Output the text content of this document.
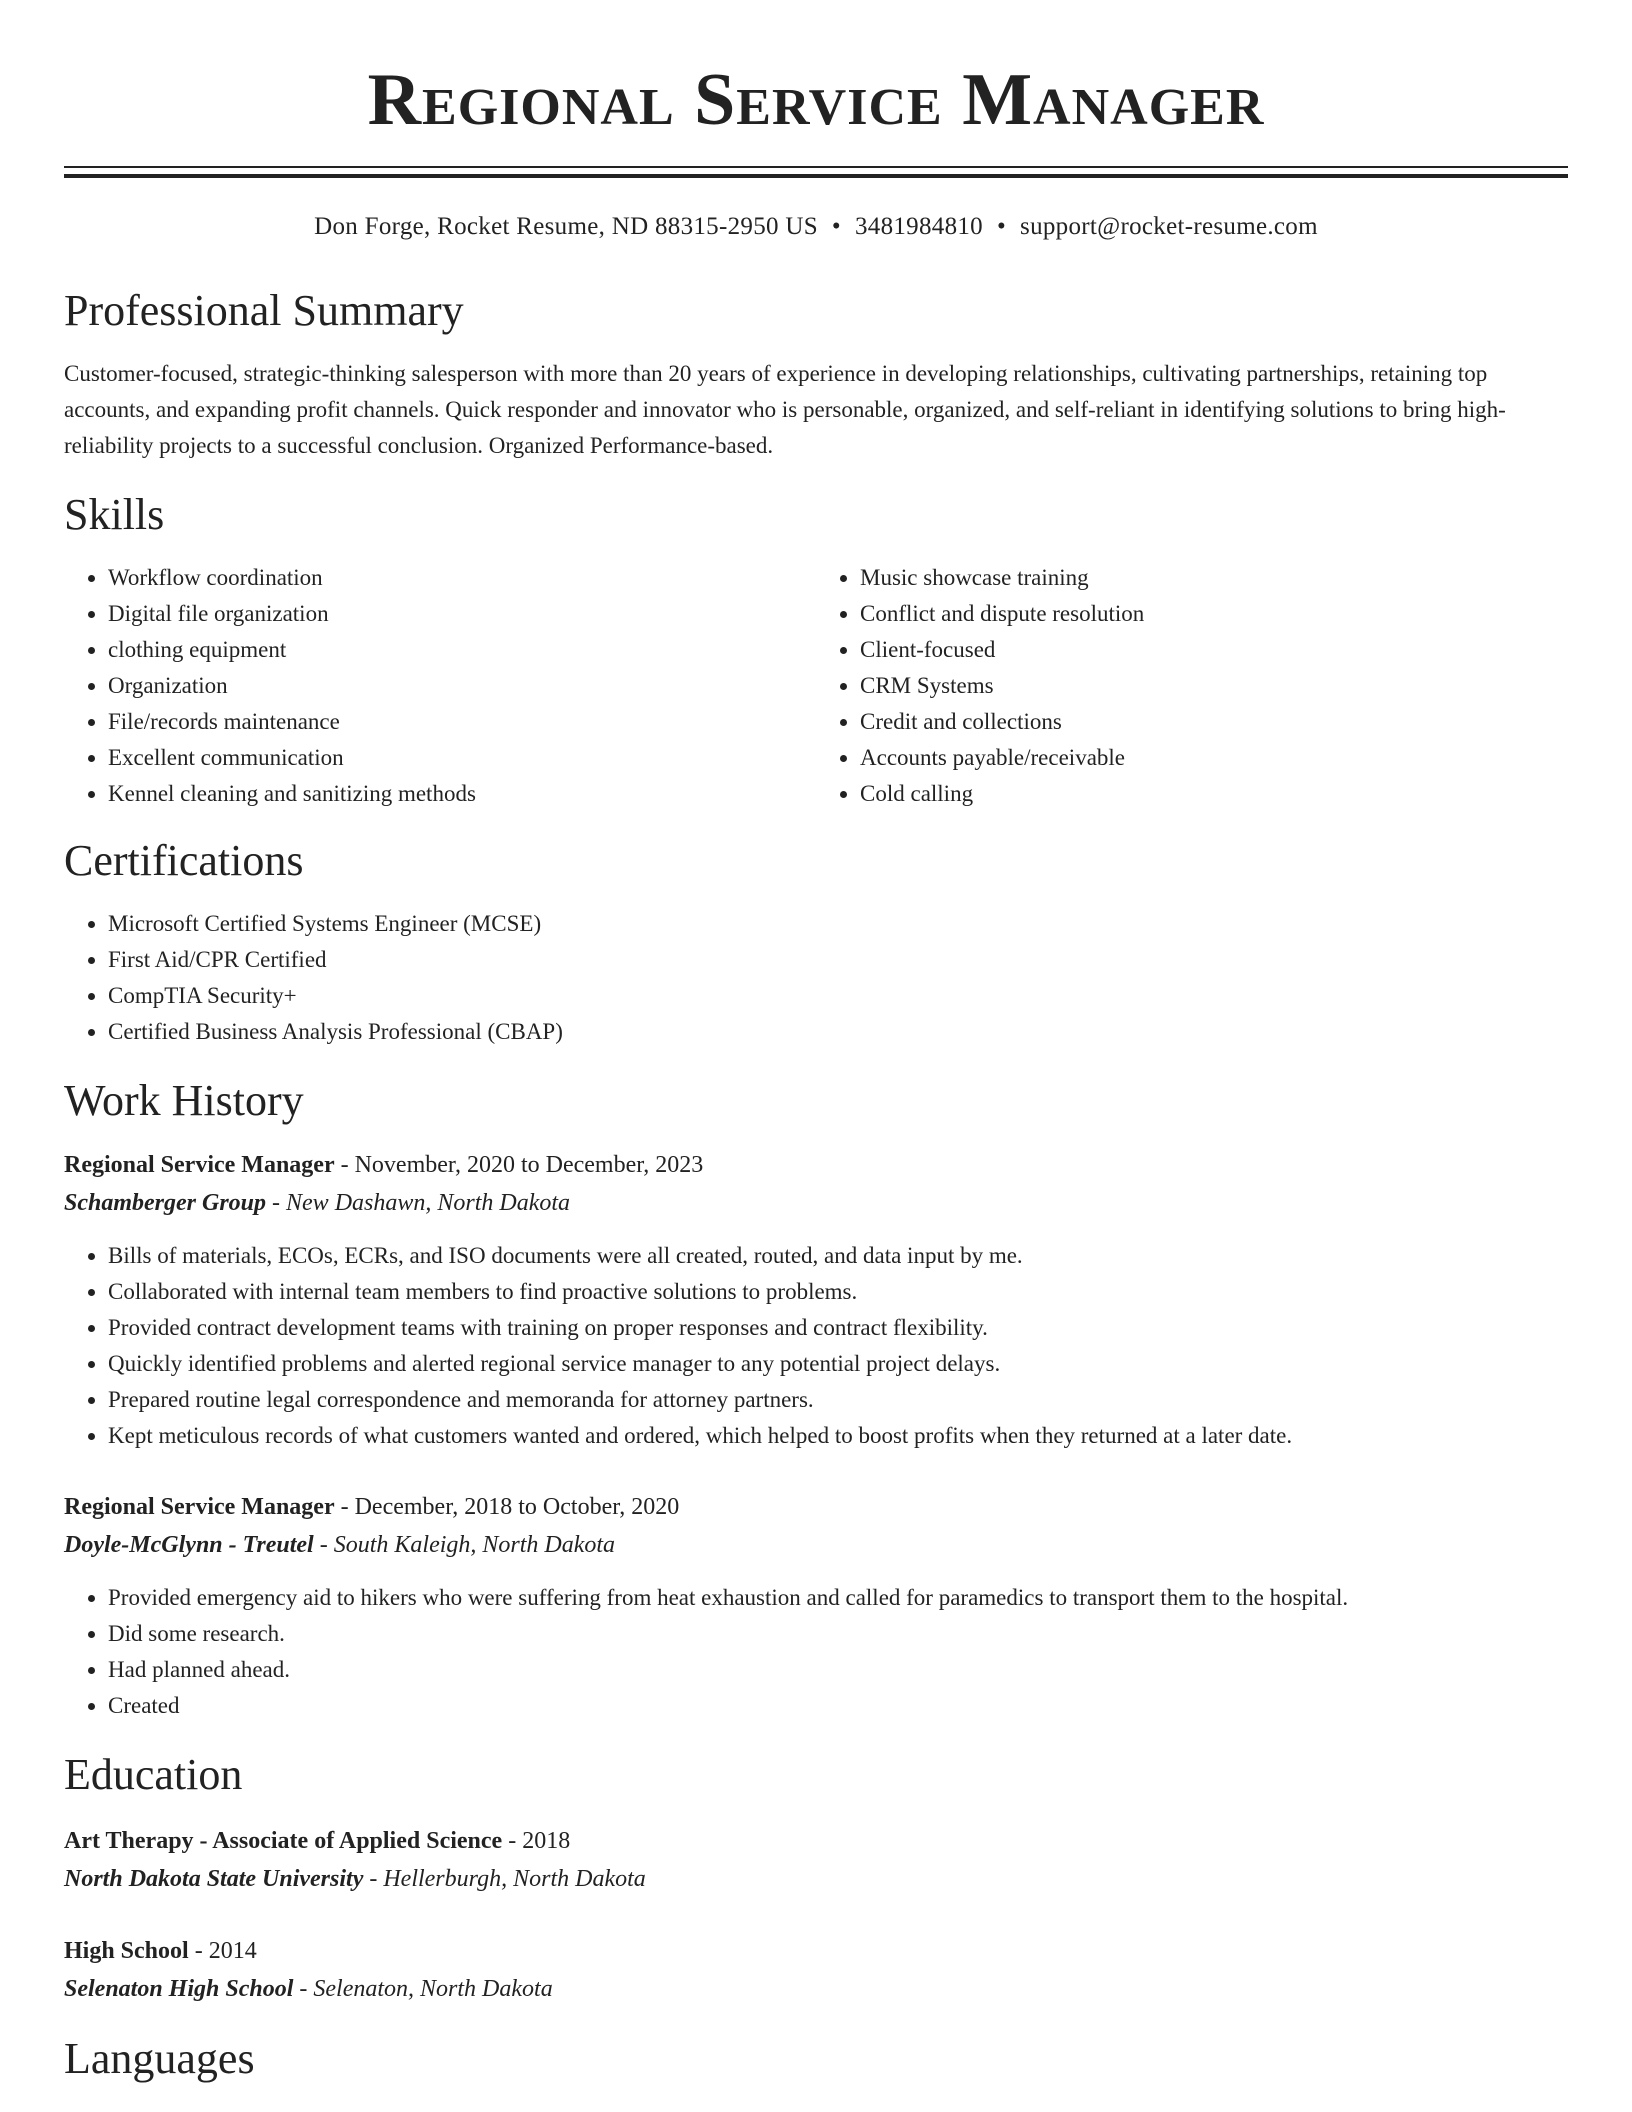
Regional Service Manager
Don Forge, Rocket Resume, ND 88315-2950 US • 3481984810 • support@rocket-resume.com
Professional Summary
Customer-focused, strategic-thinking salesperson with more than 20 years of experience in developing relationships, cultivating partnerships, retaining top accounts, and expanding profit channels. Quick responder and innovator who is personable, organized, and self-reliant in identifying solutions to bring high-reliability projects to a successful conclusion. Organized Performance-based.
Skills
• Workflow coordination
• Digital file organization
• clothing equipment
• Organization
• File/records maintenance
• Excellent communication
• Kennel cleaning and sanitizing methods
• Music showcase training
• Conflict and dispute resolution
• Client-focused
• CRM Systems
• Credit and collections
• Accounts payable/receivable
• Cold calling
Certifications
• Microsoft Certified Systems Engineer (MCSE)
• First Aid/CPR Certified
• CompTIA Security+
• Certified Business Analysis Professional (CBAP)
Work History
Regional Service Manager - November, 2020 to December, 2023
Schamberger Group - New Dashawn, North Dakota
• Bills of materials, ECOs, ECRs, and ISO documents were all created, routed, and data input by me.
• Collaborated with internal team members to find proactive solutions to problems.
• Provided contract development teams with training on proper responses and contract flexibility.
• Quickly identified problems and alerted regional service manager to any potential project delays.
• Prepared routine legal correspondence and memoranda for attorney partners.
• Kept meticulous records of what customers wanted and ordered, which helped to boost profits when they returned at a later date.
Regional Service Manager - December, 2018 to October, 2020
Doyle-McGlynn - Treutel - South Kaleigh, North Dakota
• Provided emergency aid to hikers who were suffering from heat exhaustion and called for paramedics to transport them to the hospital.
• Did some research.
• Had planned ahead.
• Created
Education
Art Therapy - Associate of Applied Science - 2018
North Dakota State University - Hellerburgh, North Dakota
High School - 2014
Selenaton High School - Selenaton, North Dakota
Languages
